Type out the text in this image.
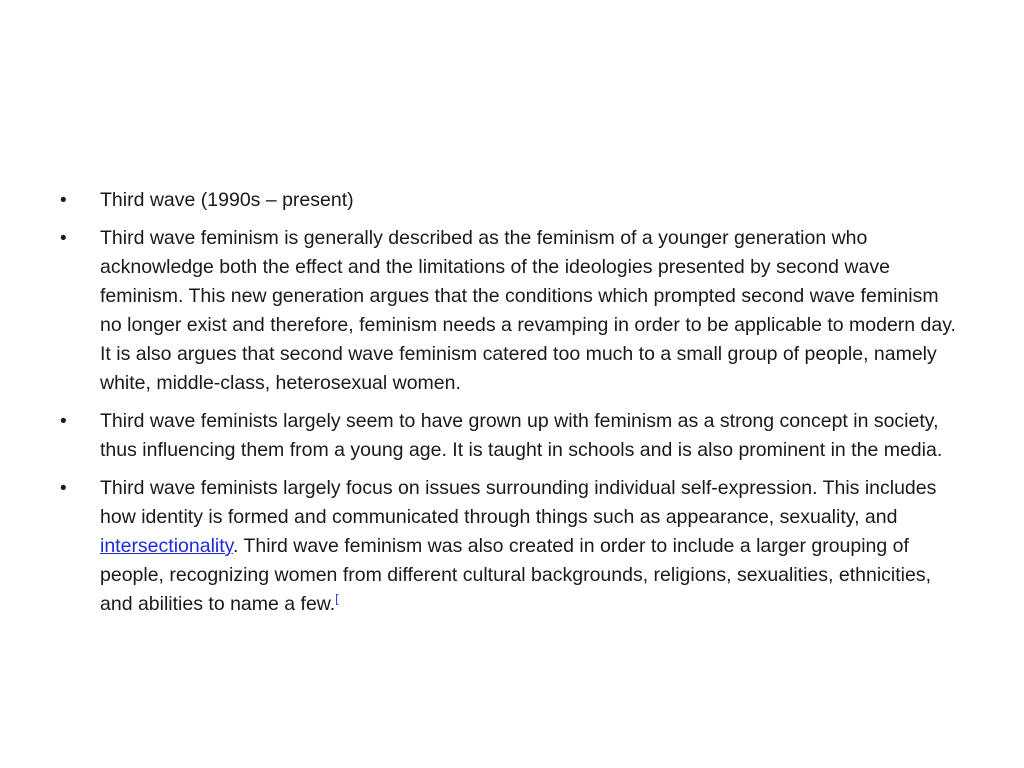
•	Third wave (1990s – present)
•	Third wave feminism is generally described as the feminism of a younger generation who acknowledge both the effect and the limitations of the ideologies presented by second wave feminism. This new generation argues that the conditions which prompted second wave feminism no longer exist and therefore, feminism needs a revamping in order to be applicable to modern day. It is also argues that second wave feminism catered too much to a small group of people, namely white, middle-class, heterosexual women.
•	Third wave feminists largely seem to have grown up with feminism as a strong concept in society, thus influencing them from a young age. It is taught in schools and is also prominent in the media.
•	Third wave feminists largely focus on issues surrounding individual self-expression. This includes how identity is formed and communicated through things such as appearance, sexuality, and intersectionality. Third wave feminism was also created in order to include a larger grouping of people, recognizing women from different cultural backgrounds, religions, sexualities, ethnicities, and abilities to name a few.[
